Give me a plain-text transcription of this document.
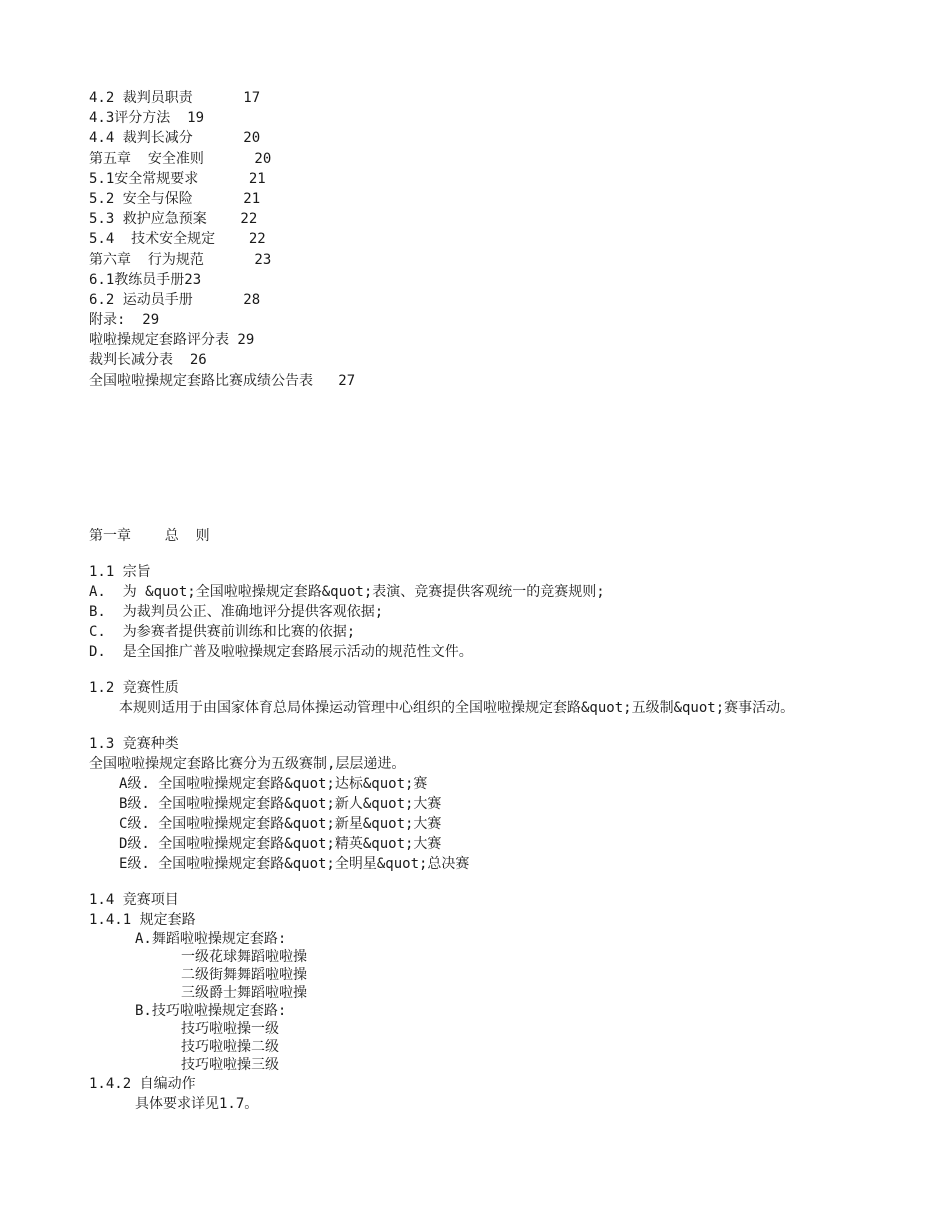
4.2 裁判员职责      17
4.3评分方法  19
4.4 裁判长减分      20
第五章  安全准则      20
5.1安全常规要求      21
5.2 安全与保险      21
5.3 救护应急预案    22
5.4  技术安全规定    22
第六章  行为规范      23
6.1教练员手册23
6.2 运动员手册      28
附录:  29
啦啦操规定套路评分表 29
裁判长减分表  26
全国啦啦操规定套路比赛成绩公告表   27
第一章    总  则
1.1 宗旨
A.  为 &quot;全国啦啦操规定套路&quot;表演、竞赛提供客观统一的竞赛规则;
B.  为裁判员公正、准确地评分提供客观依据;
C.  为参赛者提供赛前训练和比赛的依据;
D.  是全国推广普及啦啦操规定套路展示活动的规范性文件。
1.2 竞赛性质
本规则适用于由国家体育总局体操运动管理中心组织的全国啦啦操规定套路&quot;五级制&quot;赛事活动。
1.3 竞赛种类
全国啦啦操规定套路比赛分为五级赛制,层层递进。
A级. 全国啦啦操规定套路&quot;达标&quot;赛
B级. 全国啦啦操规定套路&quot;新人&quot;大赛
C级. 全国啦啦操规定套路&quot;新星&quot;大赛
D级. 全国啦啦操规定套路&quot;精英&quot;大赛
E级. 全国啦啦操规定套路&quot;全明星&quot;总决赛
1.4 竞赛项目
1.4.1 规定套路
A.舞蹈啦啦操规定套路:
一级花球舞蹈啦啦操
二级街舞舞蹈啦啦操
三级爵士舞蹈啦啦操
B.技巧啦啦操规定套路:
技巧啦啦操一级
技巧啦啦操二级
技巧啦啦操三级
1.4.2 自编动作
具体要求详见1.7。
